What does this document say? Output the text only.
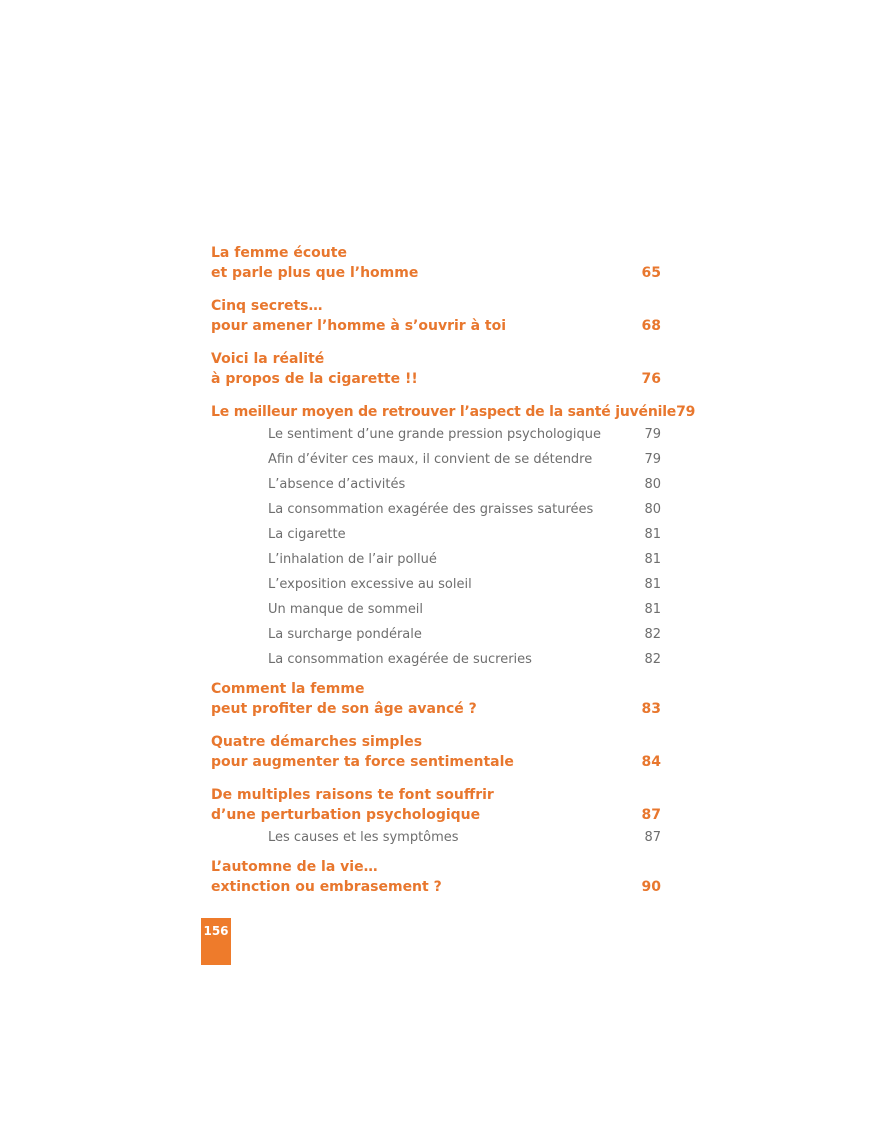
La femme écoute
et parle plus que l’homme	65
Cinq secrets…
pour amener l’homme à s’ouvrir à toi	68
Voici la réalité
à propos de la cigarette !!	76
Le meilleur moyen de retrouver l’aspect de la santé juvénile 79
Le sentiment d’une grande pression psychologique	79
Afin d’éviter ces maux, il convient de se détendre	79
L’absence d’activités	80
La consommation exagérée des graisses saturées	80
La cigarette	81
L’inhalation de l’air pollué	81
L’exposition excessive au soleil	81
Un manque de sommeil	81
La surcharge pondérale	82
La consommation exagérée de sucreries	82
Comment la femme
peut profiter de son âge avancé ?	83
Quatre démarches simples
pour augmenter ta force sentimentale	84
De multiples raisons te font souffrir
d’une perturbation psychologique	87
Les causes et les symptômes	87
L’automne de la vie…
extinction ou embrasement ?	90
156
